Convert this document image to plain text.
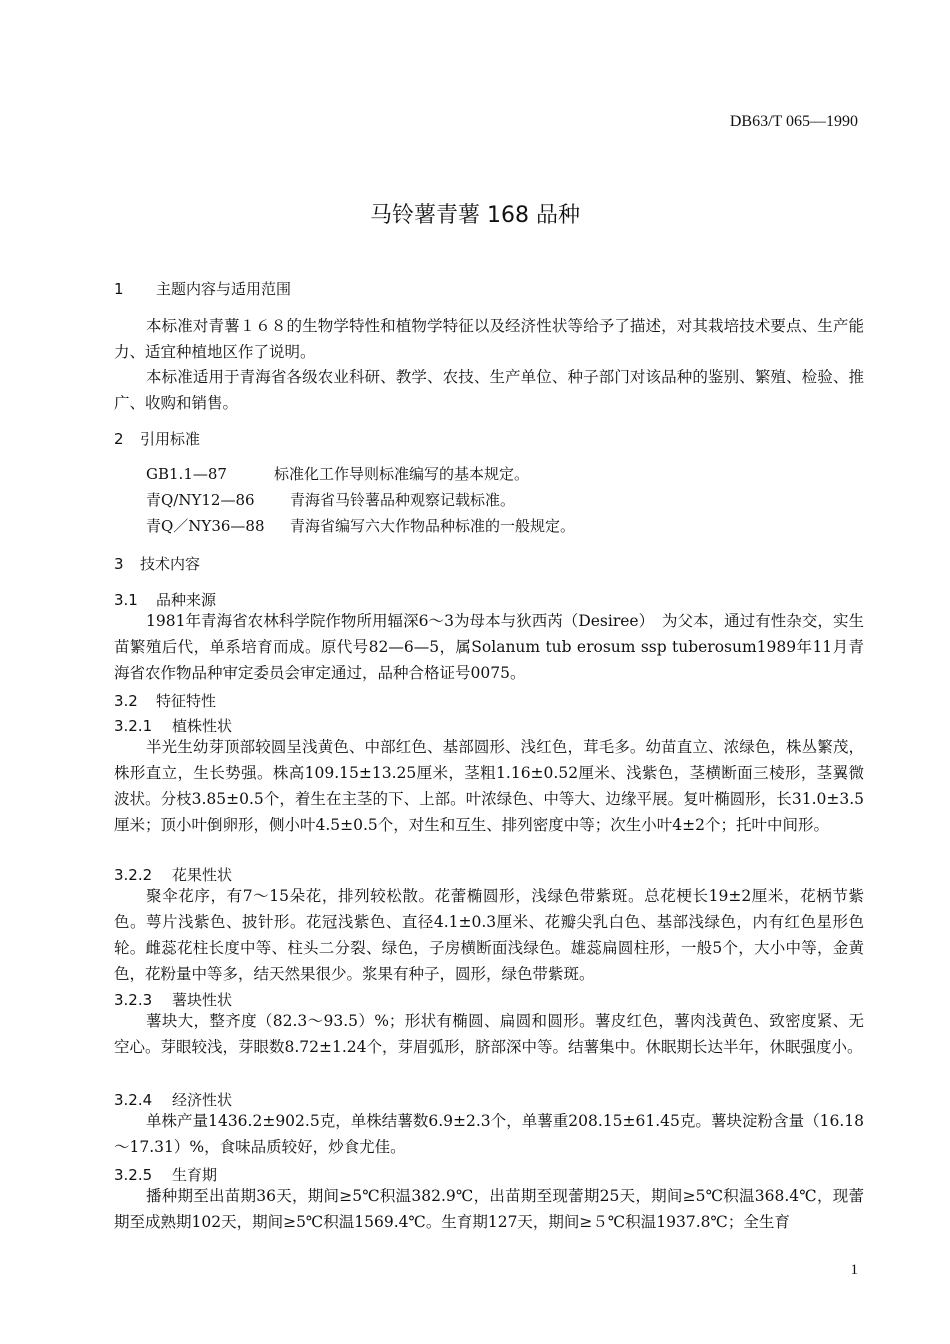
DB63/T 065—1990
马铃薯青薯 168 品种
1 主题内容与适用范围

本标准对青薯１６８的生物学特性和植物学特征以及经济性状等给予了描述，对其栽培技术要点、生产能力、适宜种植地区作了说明。

本标准适用于青海省各级农业科研、教学、农技、生产单位、种子部门对该品种的鉴别、繁殖、检验、推广、收购和销售。

2 引用标准
GB1.1—87	标准化工作导则标准编写的基本规定。
青Q/NY12—86 青海省马铃薯品种观察记载标准。
青Q／NY36—88 青海省编写六大作物品种标准的一般规定。
3 技术内容
3.1 品种来源

1981年青海省农林科学院作物所用辐深6～3为母本与狄西芮（Desiree）　为父本，通过有性杂交，实生苗繁殖后代，单系培育而成。原代号82—6—5，属Solanum tub erosum ssp tuberosum1989年11月青海省农作物品种审定委员会审定通过，品种合格证号0075。

3.2 特征特性
3.2.1 植株性状

半光生幼芽顶部较圆呈浅黄色、中部红色、基部圆形、浅红色，茸毛多。幼苗直立、浓绿色，株丛繁茂，株形直立，生长势强。株高109.15±13.25厘米，茎粗1.16±0.52厘米、浅紫色，茎横断面三棱形，茎翼微波状。分枝3.85±0.5个，着生在主茎的下、上部。叶浓绿色、中等大、边缘平展。复叶椭圆形，长31.0±3.5厘米；顶小叶倒卵形，侧小叶4.5±0.5个，对生和互生、排列密度中等；次生小叶4±2个；托叶中间形。

3.2.2 花果性状

聚伞花序，有7～15朵花，排列较松散。花蕾椭圆形，浅绿色带紫斑。总花梗长19±2厘米，花柄节紫色。萼片浅紫色、披针形。花冠浅紫色、直径4.1±0.3厘米、花瓣尖乳白色、基部浅绿色，内有红色星形色轮。雌蕊花柱长度中等、柱头二分裂、绿色，子房横断面浅绿色。雄蕊扁圆柱形，一般5个，大小中等，金黄色，花粉量中等多，结天然果很少。浆果有种子，圆形，绿色带紫斑。

3.2.3 薯块性状

薯块大，整齐度（82.3～93.5）%；形状有椭圆、扁圆和圆形。薯皮红色，薯肉浅黄色、致密度紧、无空心。芽眼较浅，芽眼数8.72±1.24个，芽眉弧形，脐部深中等。结薯集中。休眠期长达半年，休眠强度小。

3.2.4 经济性状

单株产量1436.2±902.5克，单株结薯数6.9±2.3个，单薯重208.15±61.45克。薯块淀粉含量（16.18～17.31）%，食味品质较好，炒食尤佳。

3.2.5 生育期

播种期至出苗期36天，期间≥5℃积温382.9℃，出苗期至现蕾期25天，期间≥5℃积温368.4℃，现蕾期至成熟期102天，期间≥5℃积温1569.4℃。生育期127天，期间≥５℃积温1937.8℃；全生育

1
